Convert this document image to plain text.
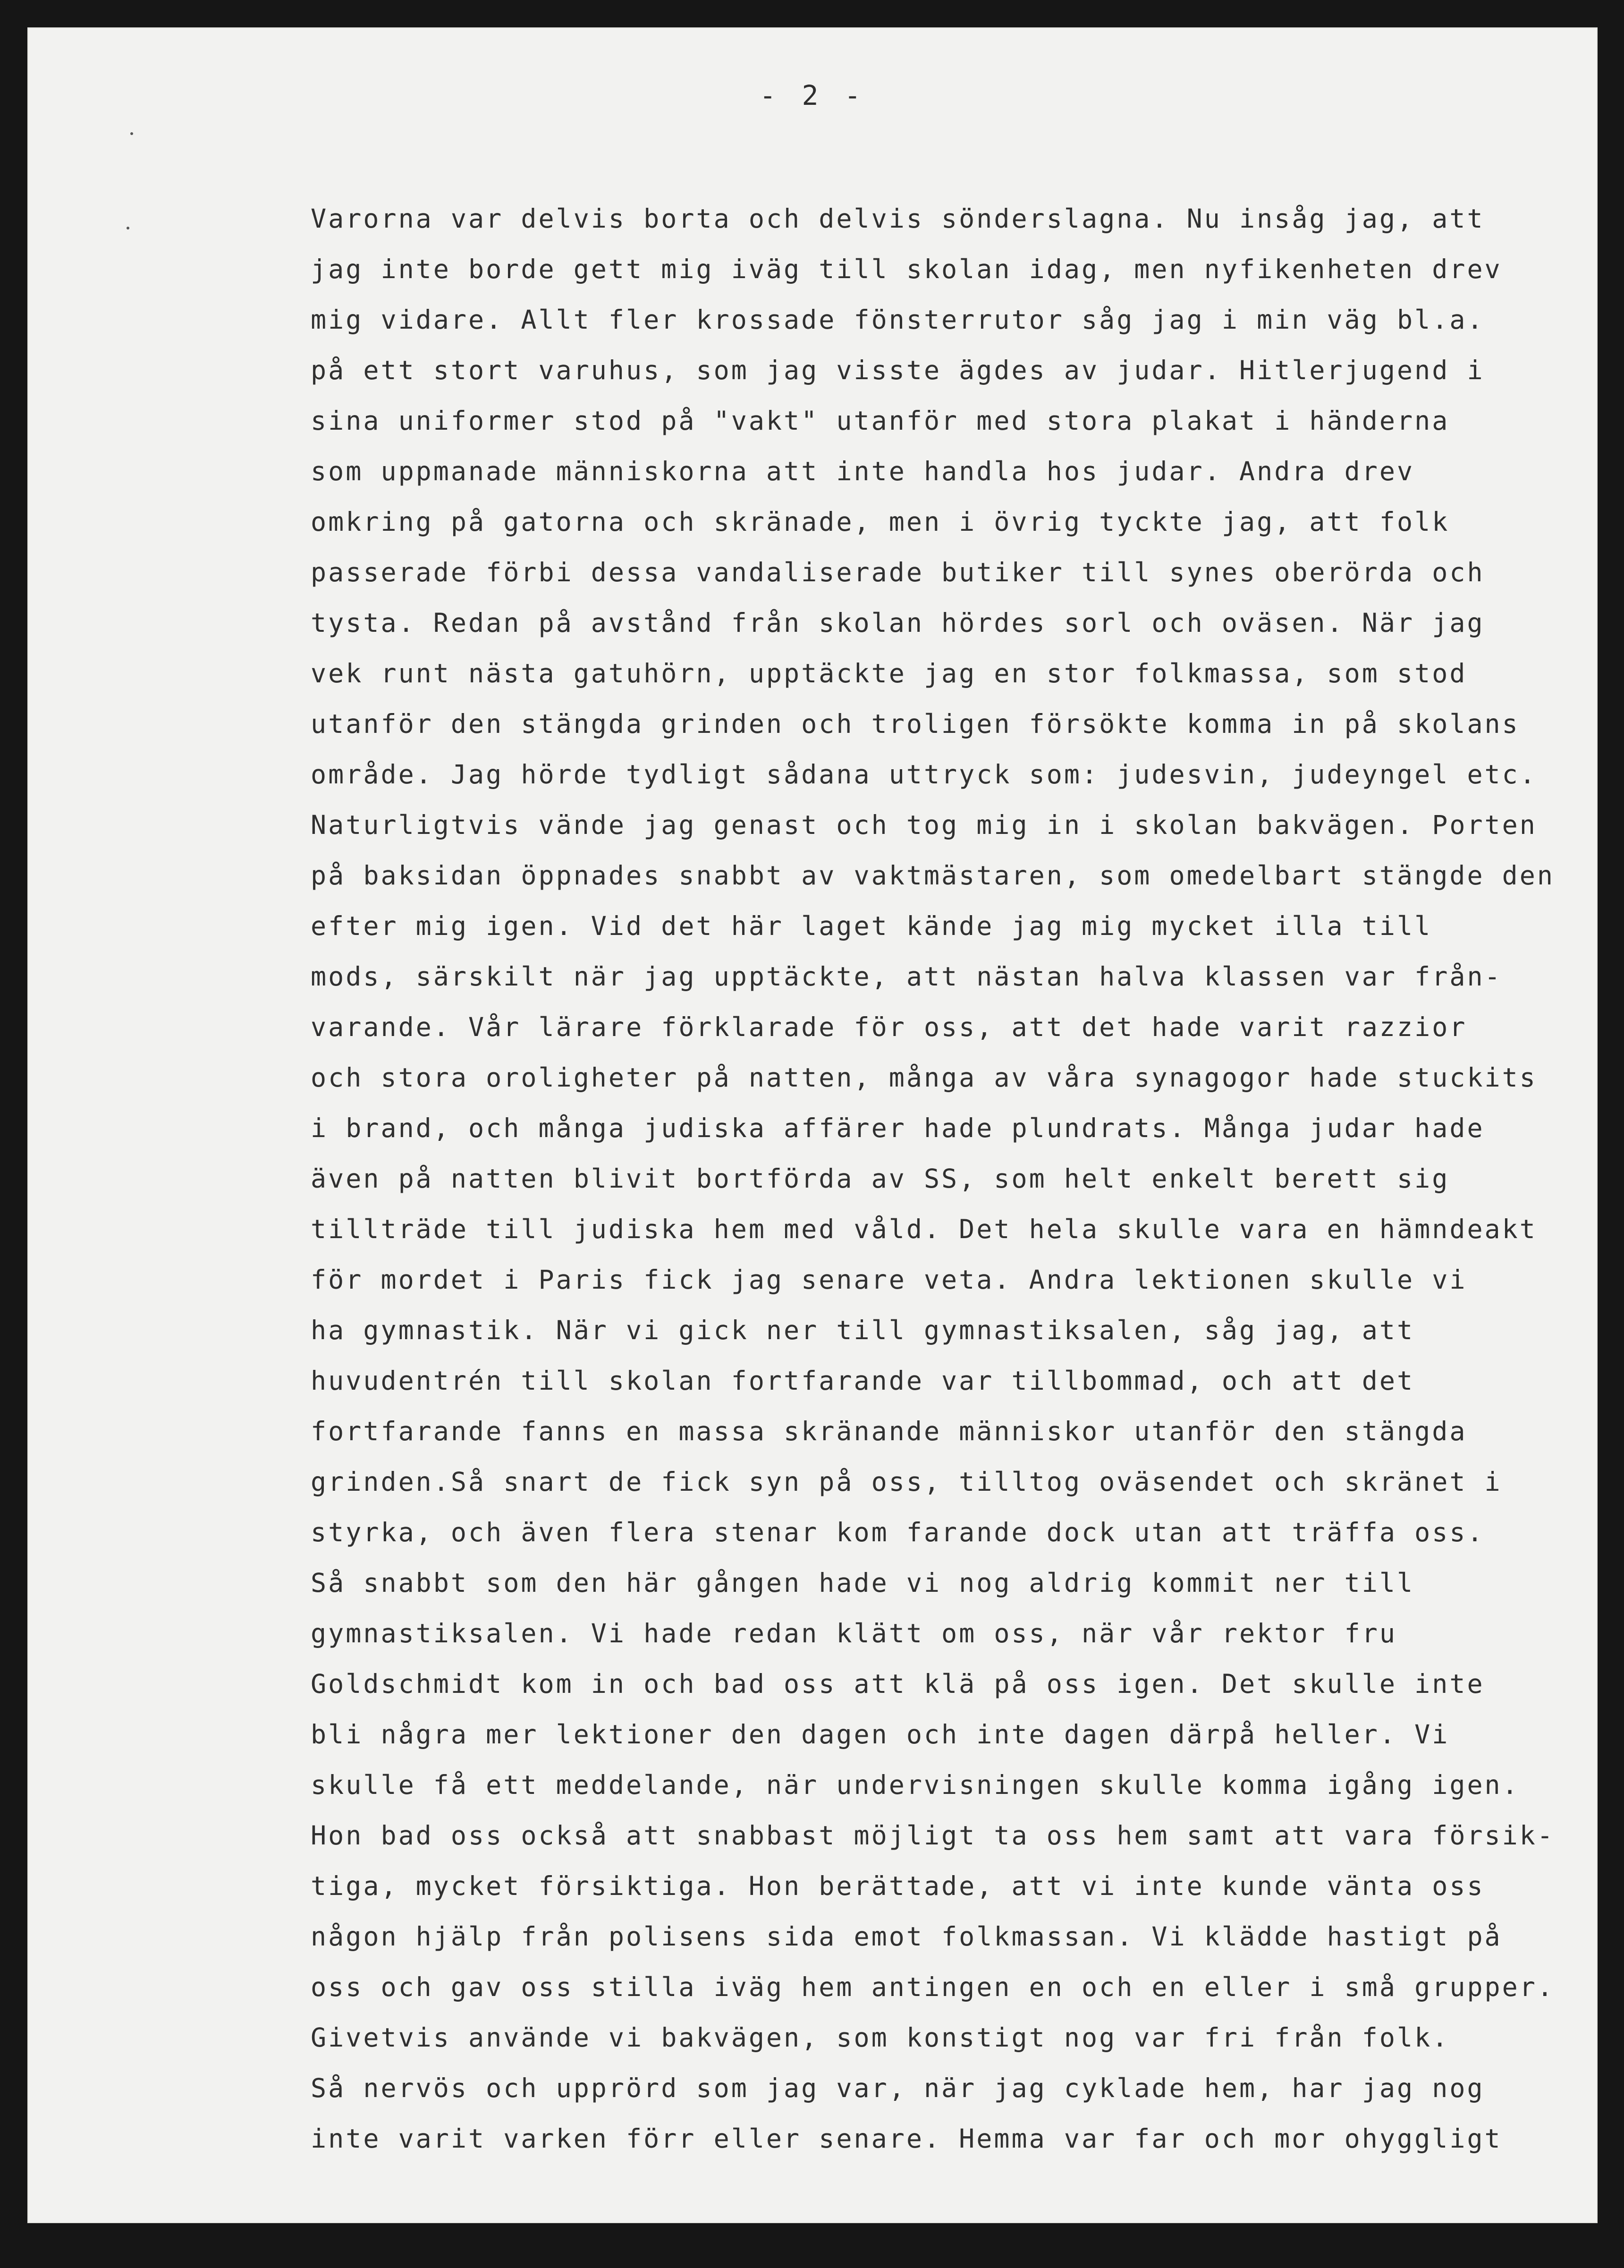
- 2 -
Varorna var delvis borta och delvis sönderslagna. Nu insåg jag, att
jag inte borde gett mig iväg till skolan idag, men nyfikenheten drev
mig vidare. Allt fler krossade fönsterrutor såg jag i min väg bl.a.
på ett stort varuhus, som jag visste ägdes av judar. Hitlerjugend i
sina uniformer stod på "vakt" utanför med stora plakat i händerna
som uppmanade människorna att inte handla hos judar. Andra drev
omkring på gatorna och skränade, men i övrig tyckte jag, att folk
passerade förbi dessa vandaliserade butiker till synes oberörda och
tysta. Redan på avstånd från skolan hördes sorl och oväsen. När jag
vek runt nästa gatuhörn, upptäckte jag en stor folkmassa, som stod
utanför den stängda grinden och troligen försökte komma in på skolans
område. Jag hörde tydligt sådana uttryck som: judesvin, judeyngel etc.
Naturligtvis vände jag genast och tog mig in i skolan bakvägen. Porten
på baksidan öppnades snabbt av vaktmästaren, som omedelbart stängde den
efter mig igen. Vid det här laget kände jag mig mycket illa till
mods, särskilt när jag upptäckte, att nästan halva klassen var från-
varande. Vår lärare förklarade för oss, att det hade varit razzior
och stora oroligheter på natten, många av våra synagogor hade stuckits
i brand, och många judiska affärer hade plundrats. Många judar hade
även på natten blivit bortförda av SS, som helt enkelt berett sig
tillträde till judiska hem med våld. Det hela skulle vara en hämndeakt
för mordet i Paris fick jag senare veta. Andra lektionen skulle vi
ha gymnastik. När vi gick ner till gymnastiksalen, såg jag, att
huvudentrén till skolan fortfarande var tillbommad, och att det
fortfarande fanns en massa skränande människor utanför den stängda
grinden.Så snart de fick syn på oss, tilltog oväsendet och skränet i
styrka, och även flera stenar kom farande dock utan att träffa oss.
Så snabbt som den här gången hade vi nog aldrig kommit ner till
gymnastiksalen. Vi hade redan klätt om oss, när vår rektor fru
Goldschmidt kom in och bad oss att klä på oss igen. Det skulle inte
bli några mer lektioner den dagen och inte dagen därpå heller. Vi
skulle få ett meddelande, när undervisningen skulle komma igång igen.
Hon bad oss också att snabbast möjligt ta oss hem samt att vara försik-
tiga, mycket försiktiga. Hon berättade, att vi inte kunde vänta oss
någon hjälp från polisens sida emot folkmassan. Vi klädde hastigt på
oss och gav oss stilla iväg hem antingen en och en eller i små grupper.
Givetvis använde vi bakvägen, som konstigt nog var fri från folk.
Så nervös och upprörd som jag var, när jag cyklade hem, har jag nog
inte varit varken förr eller senare. Hemma var far och mor ohyggligt
